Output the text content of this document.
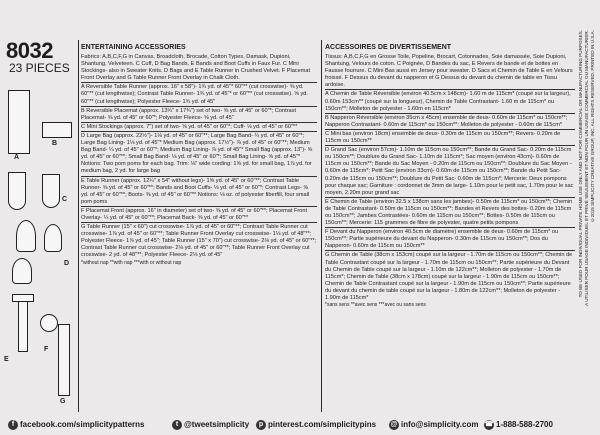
8032
23 PIECES
A
B
C
D
E
F
G
ENTERTAINING ACCESSORIES

Fabrics: A,B,C,F,G in Canvas, Broadcloth, Brocade, Cotton Types, Damask, Dupioni, Shantung, Velveteen. C Cuff, D Bag Bands, E Bands and Boot Cuffs in Faux Fur. C Mini Stockings- also in Sweater Knits. D Bags and E Table Runner in Crushed Velvet. F Placemat Front Overlay and G Table Runner Front Overlay in Chalk Cloth.

A Reversible Table Runner (approx. 16" x 58")- 1¾ yd. of 45"* 60"** (cut crosswise)- ⅝ yd. 60"** (cut lengthwise); Contrast Table Runner- 1¾ yd. of 45"* or 60"** (cut crosswise). ⅝ yd. 60"** (cut lengthwise); Polyester Fleece- 1¾ yd. of 45"

B Reversible Placemat (approx. 13¾" x 17¾") set of two- ⅝ yd. of 45" or 60"*; Contrast Placemat- ⅝ yd. of 45" or 60"*; Polyester Fleece- ⅝ yd. of 45"

C Mini Stockings (approx. 7") set of two- ⅝ yd. of 45" or 60"*; Cuff- ⅛ yd. of 45" or 60"**

D Large Bag (approx. 22½")- 1⅛ yd. of 45" or 60"**; Large Bag Band- ¼ yd. of 45" or 60"*; Large Bag Lining- 1⅛ yd. of 45"* Medium Bag (approx. 17½")- ⅞ yd. of 45" or 60"**; Medium Bag Band- ¼ yd. of 45" or 60"*; Medium Bag Lining- ⅞ yd. of 45"* Small Bag (approx. 13")- ⅝ yd. of 45" or 60"**; Small Bag Band- ⅛ yd. of 45" or 60"*; Small Bag Lining- ⅝ yd. of 45"* Notions: Two pom poms for each bag. Trim: ⅛" wide cording: 1⅝ yd. for small bag, 1⅞ yd. for medium bag, 2 yd. for large bag

E Table Runner (approx. 12¼" x 54" without legs)- 1⅝ yd. of 45" or 60"**; Contrast Table Runner- ⅝ yd. of 45" or 60"**; Bands and Boot Cuffs- ⅛ yd. of 45" or 60"*; Contrast Legs- ⅝ yd. of 45" or 60"**; Boots- ⅜ yd. of 45" or 60"** Notions: ⅛ oz. of polyester fiberfill, four small pom poms

F Placemat Front (approx. 16" in diameter) set of two- ⅝ yd. of 45" or 60"**; Placemat Front Overlay- ¼ yd. of 45" or 60"**; Placemat Back- ⅝ yd. of 45" or 60"**

G Table Runner (15" x 60") cut crosswise- 1⅞ yd. of 45" or 60"**; Contrast Table Runner cut crosswise- 1⅞ yd. of 45" or 60"**; Table Runner Front Overlay cut crosswise- 1⅛ yd. of 48"**; Polyester Fleece- 1⅞ yd. of 45"; Table Runner (15" x 70") cut crosswise- 2⅛ yd. of 45" or 60"**; Contrast Table Runner cut crosswise- 2⅛ yd. of 45" or 60"**; Table Runner Front Overlay cut crosswise- 2 yd. of 48"**; Polyester Fleece- 2⅛ yd. of 45"

*without nap **with nap ***with or without nap

ACCESSOIRES DE DIVERTISSEMENT

Tissus: A,B,C,F,G en Grosse Toile, Popeline, Brocart, Cotonnades, Soie damassée, Soie Dupioni, Shantung, Velours de coton. C Poignée, D Bandes du sac, E Revers de bande et de bottes en Fausse fourrure. C Mini Bas aussi en Jersey pour sweater. D Sacs et Chemin de Table E en Velours froissé. F Dessus du devant du napperon et G Dessus du devant du chemin de table en Tissu ardoise.

A Chemin de Table Réversible (environ 40.5cm x 148cm)- 1.60 m de 115cm* (coupé sur la largeur), 0.60m 153cm** (coupé sur la longueur), Chemin de Table Contrastant- 1.60 m de 115cm* ou 150cm**; Molleton de polyester - 1.60m en 115cm*

B Napperon Réversible (environ 35cm x 45cm) ensemble de deux- 0.60m de 115cm* ou 150cm**; Napperon Contrastant- 0.60m de 115cm* ou 150cm**; Molleton de polyester - 0.60m de 115cm*

C Mini bas (environ 18cm) ensemble de deux- 0.30m de 115cm ou 150cm**; Revers- 0.20m de 115cm ou 150cm**

D Grand Sac (environ 57cm)- 1.10m de 115cm ou 150cm**; Bande du Grand Sac- 0.20m de 115cm ou 150cm**; Doublure du Grand Sac- 1.10m de 115cm*; Sac moyen (environ 43cm)- 0.60m de 115cm ou 150cm**; Bande du Sac Moyen - 0.20m de 115cm ou 150cm**; Doublure du Sac Moyen - 0.60m de 115cm*; Petit Sac (environ 33cm)- 0.60m de 115cm ou 150cm**; Bande du Petit Sac- 0.20m de 115cm ou 150cm**; Doublure du Petit Sac- 0.60m de 115cm*; Mercerie: Deux pompons pour chaque sac; Garniture : cordonnet de 3mm de large- 1.10m pour le petit sac, 1.70m pour le sac moyen, 2.20m pour grand sac

E Chemin de Table (environ 32.5 x 138cm sans les jambes)- 0.50m de 115cm* ou 150cm**; Chemin de Table Contrastant- 0.50m de 115cm ou 150cm**; Bandes et Revers des bottes- 0.20m de 115cm ou 150cm**; Jambes Contrastées- 0.60m de 115cm ou 150cm**; Bottes- 0.50m de 115cm ou 150cm**; Mercerie: 115 grammes de fibre de polyester, quatre petits pompons

F Devant du Napperon (environ 40.5cm de diamètre) ensemble de deux- 0.60m de 115cm* ou 150cm**; Partie supérieure du devant du Napperon- 0.30m de 115cm ou 150cm**; Dos du Napperon- 0.60m de 115cm ou 150cm**

G Chemin de Table (38cm x 153cm) coupé sur la largeur - 1.70m de 115cm ou 150cm**; Chemin de Table Contrastant coupé sur la largeur - 1.70m de 115cm ou 150cm**; Partie supérieure du Devant du Chemin de Table coupé sur la largeur - 1.10m de 122cm**; Molleton de polyester - 1.70m de 115cm*; Chemin de Table (38cm x 178cm) coupé sur la largeur - 1.90m de 115cm ou 150cm**; Chemin de Table Contrastant coupé sur la largeur - 1.90m de 115cm ou 150cm**; Partie supérieure du devant du chemin de table coupé sur la largeur - 1.80m de 122cm**; Molleton de polyester - 1.90m de 115cm*

*sans sens **avec sens ***avec ou sans sens

TO BE USED FOR INDIVIDUAL PRIVATE HOME USE ONLY AND NOT FOR COMMERCIAL OR MANUFACTURING PURPOSES. A UTILISER POUR USAGE INDIVIDUEL ET PRIVÉ SEULEMENT ET NON POUR UN USAGE COMMERCIAL OU MANUFACTURIER. ©2015 SIMPLICITY CREATIVE GROUP, INC. ALL RIGHTS RESERVED. PRINTED IN U.S.A.
f facebook.com/simplicitypatterns	t @tweetsimplicity	p pinterest.com/simplicitypins @ info@simplicity.com ☎ 1-888-588-2700
